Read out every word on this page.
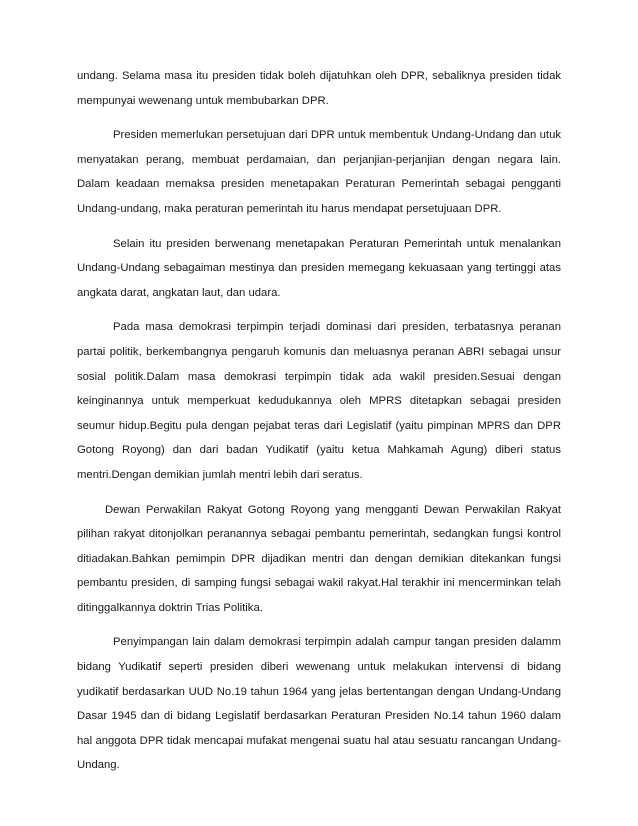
undang. Selama masa itu presiden tidak boleh dijatuhkan oleh DPR, sebaliknya presiden tidak mempunyai wewenang untuk membubarkan DPR.

Presiden memerlukan persetujuan dari DPR untuk membentuk Undang-Undang dan utuk menyatakan perang, membuat perdamaian, dan perjanjian-perjanjian dengan negara lain. Dalam keadaan memaksa presiden menetapakan Peraturan Pemerintah sebagai pengganti Undang-undang, maka peraturan pemerintah itu harus mendapat persetujuaan DPR.

Selain itu presiden berwenang menetapakan Peraturan Pemerintah untuk menalankan Undang-Undang sebagaiman mestinya dan presiden memegang kekuasaan yang tertinggi atas angkata darat, angkatan laut, dan udara.

Pada masa demokrasi terpimpin terjadi dominasi dari presiden, terbatasnya peranan partai politik, berkembangnya pengaruh komunis dan meluasnya peranan ABRI sebagai unsur sosial politik.Dalam masa demokrasi terpimpin tidak ada wakil presiden.Sesuai dengan keinginannya untuk memperkuat kedudukannya oleh MPRS ditetapkan sebagai presiden seumur hidup.Begitu pula dengan pejabat teras dari Legislatif (yaitu pimpinan MPRS dan DPR Gotong Royong) dan dari badan Yudikatif (yaitu ketua Mahkamah Agung) diberi status mentri.Dengan demikian jumlah mentri lebih dari seratus.

Dewan Perwakilan Rakyat Gotong Royong yang mengganti Dewan Perwakilan Rakyat pilihan rakyat ditonjolkan peranannya sebagai pembantu pemerintah, sedangkan fungsi kontrol ditiadakan.Bahkan pemimpin DPR dijadikan mentri dan dengan demikian ditekankan fungsi pembantu presiden, di samping fungsi sebagai wakil rakyat.Hal terakhir ini mencerminkan telah ditinggalkannya doktrin Trias Politika.

Penyimpangan lain dalam demokrasi terpimpin adalah campur tangan presiden dalamm bidang Yudikatif seperti presiden diberi wewenang untuk melakukan intervensi di bidang yudikatif berdasarkan UUD No.19 tahun 1964 yang jelas bertentangan dengan Undang-Undang Dasar 1945 dan di bidang Legislatif berdasarkan Peraturan Presiden No.14 tahun 1960 dalam hal anggota DPR tidak mencapai mufakat mengenai suatu hal atau sesuatu rancangan Undang-Undang.
